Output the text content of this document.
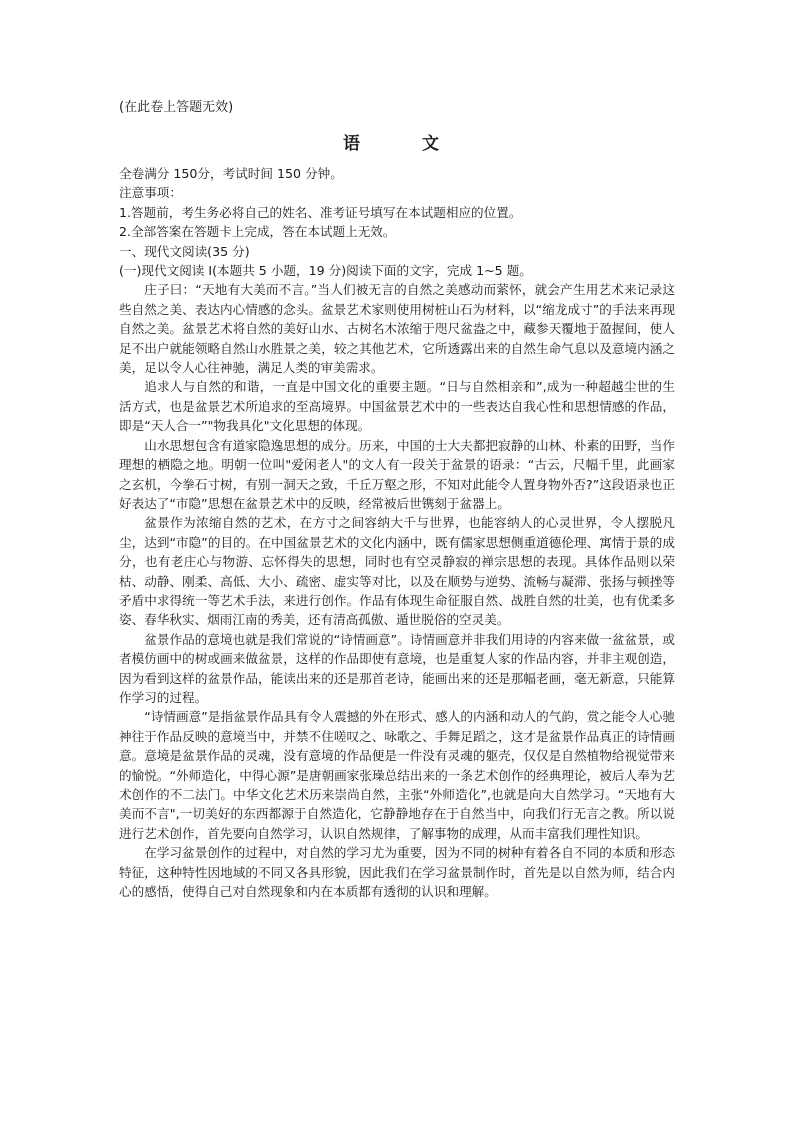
(在此卷上答题无效)

语 文

全卷满分 150分，考试时间 150 分钟。

注意事项：

1.答题前，考生务必将自己的姓名、准考证号填写在本试题相应的位置。

2.全部答案在答题卡上完成，答在本试题上无效。

一、现代文阅读(35 分)

(一)现代文阅读 I(本题共 5 小题，19 分)阅读下面的文字，完成 1~5 题。

庄子曰：“天地有大美而不言。”当人们被无言的自然之美感动而萦怀，就会产生用艺术来记录这些自然之美、表达内心情感的念头。盆景艺术家则使用树桩山石为材料，以“缩龙成寸”的手法来再现自然之美。盆景艺术将自然的美好山水、古树名木浓缩于咫尺盆盎之中，藏参天覆地于盈握间，使人足不出户就能领略自然山水胜景之美，较之其他艺术，它所透露出来的自然生命气息以及意境内涵之美，足以令人心往神驰，满足人类的审美需求。

追求人与自然的和谐，一直是中国文化的重要主题。“日与自然相亲和”,成为一种超越尘世的生活方式，也是盆景艺术所追求的至高境界。中国盆景艺术中的一些表达自我心性和思想情感的作品，即是“天人合一”"物我具化"文化思想的体现。

山水思想包含有道家隐逸思想的成分。历来，中国的士大夫都把寂静的山林、朴素的田野，当作理想的栖隐之地。明朝一位叫"爱闲老人"的文人有一段关于盆景的语录：“古云，尺幅千里，此画家之玄机，今拳石寸树，有别一洞天之致，千丘万壑之形，不知对此能令人置身物外否?”这段语录也正好表达了“市隐”思想在盆景艺术中的反映，经常被后世镌刻于盆器上。

盆景作为浓缩自然的艺术，在方寸之间容纳大千与世界，也能容纳人的心灵世界，令人摆脱凡尘，达到“市隐”的目的。在中国盆景艺术的文化内涵中，既有儒家思想侧重道德伦理、寓情于景的成分，也有老庄心与物游、忘怀得失的思想，同时也有空灵静寂的禅宗思想的表现。具体作品则以荣枯、动静、刚柔、高低、大小、疏密、虚实等对比，以及在顺势与逆势、流畅与凝滞、张扬与顿挫等矛盾中求得统一等艺术手法，来进行创作。作品有体现生命征服自然、战胜自然的壮美，也有优柔多姿、春华秋实、烟雨江南的秀美，还有清高孤傲、遁世脱俗的空灵美。

盆景作品的意境也就是我们常说的“诗情画意”。诗情画意并非我们用诗的内容来做一盆盆景，或者模仿画中的树或画来做盆景，这样的作品即使有意境，也是重复人家的作品内容，并非主观创造，因为看到这样的盆景作品，能读出来的还是那首老诗，能画出来的还是那幅老画，毫无新意，只能算作学习的过程。

“诗情画意”是指盆景作品具有令人震撼的外在形式、感人的内涵和动人的气韵，赏之能令人心驰神往于作品反映的意境当中，并禁不住嗟叹之、咏歌之、手舞足蹈之，这才是盆景作品真正的诗情画意。意境是盆景作品的灵魂，没有意境的作品便是一件没有灵魂的躯壳，仅仅是自然植物给视觉带来的愉悦。“外师造化，中得心源”是唐朝画家张璪总结出来的一条艺术创作的经典理论，被后人奉为艺术创作的不二法门。中华文化艺术历来崇尚自然，主张“外师造化”,也就是向大自然学习。“天地有大美而不言",一切美好的东西都源于自然造化，它静静地存在于自然当中，向我们行无言之教。所以说进行艺术创作，首先要向自然学习，认识自然规律，了解事物的成理，从而丰富我们理性知识。

在学习盆景创作的过程中，对自然的学习尤为重要，因为不同的树种有着各自不同的本质和形态特征，这种特性因地域的不同又各具形貌，因此我们在学习盆景制作时，首先是以自然为师，结合内心的感悟，使得自己对自然现象和内在本质都有透彻的认识和理解。
